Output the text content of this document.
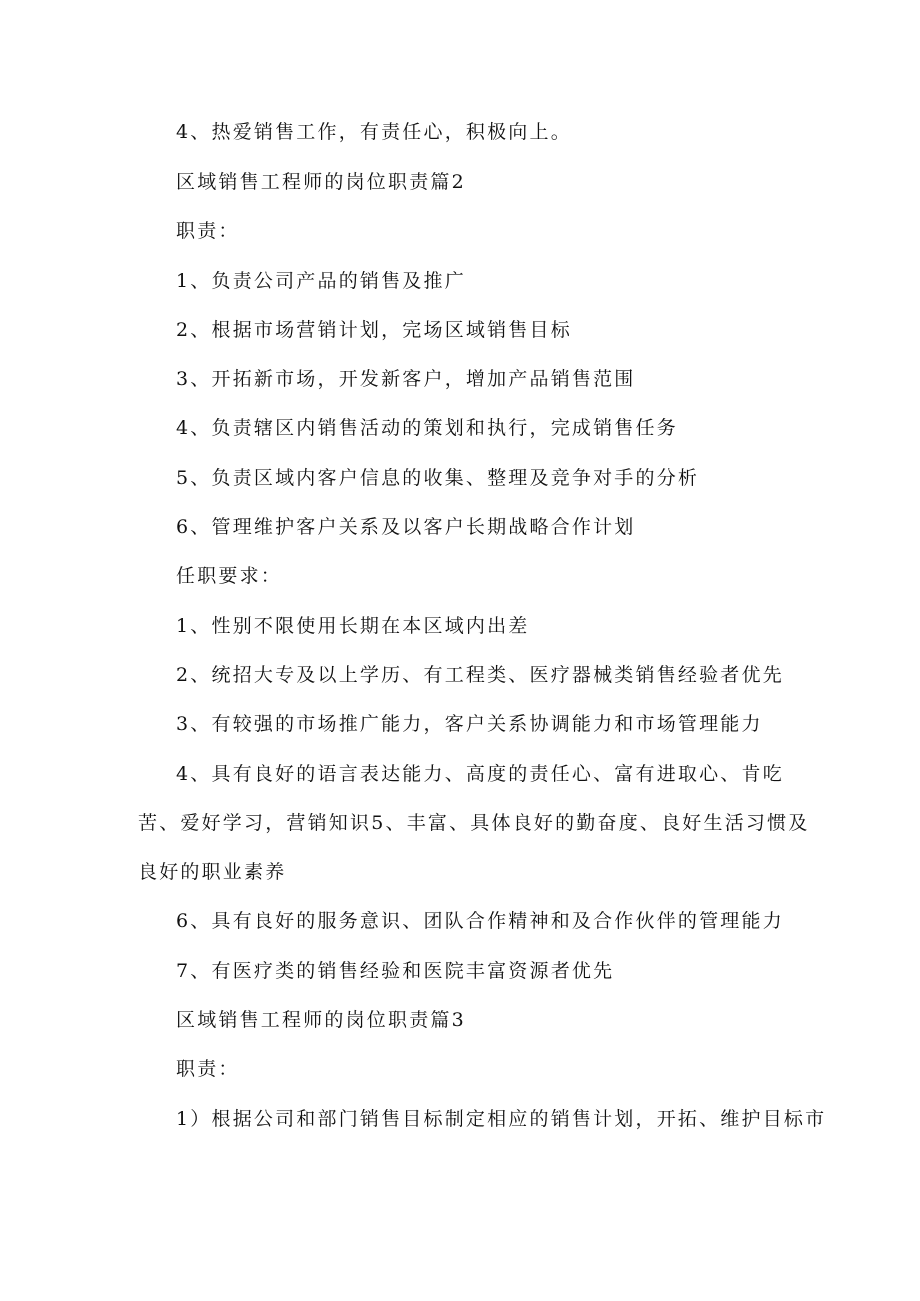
4、热爱销售工作，有责任心，积极向上。
区域销售工程师的岗位职责篇2
职责：
1、负责公司产品的销售及推广
2、根据市场营销计划，完场区域销售目标
3、开拓新市场，开发新客户，增加产品销售范围
4、负责辖区内销售活动的策划和执行，完成销售任务
5、负责区域内客户信息的收集、整理及竞争对手的分析
6、管理维护客户关系及以客户长期战略合作计划
任职要求：
1、性别不限使用长期在本区域内出差
2、统招大专及以上学历、有工程类、医疗器械类销售经验者优先
3、有较强的市场推广能力，客户关系协调能力和市场管理能力
4、具有良好的语言表达能力、高度的责任心、富有进取心、肯吃
苦、爱好学习，营销知识5、丰富、具体良好的勤奋度、良好生活习惯及
良好的职业素养
6、具有良好的服务意识、团队合作精神和及合作伙伴的管理能力
7、有医疗类的销售经验和医院丰富资源者优先
区域销售工程师的岗位职责篇3
职责：
1）根据公司和部门销售目标制定相应的销售计划，开拓、维护目标市
